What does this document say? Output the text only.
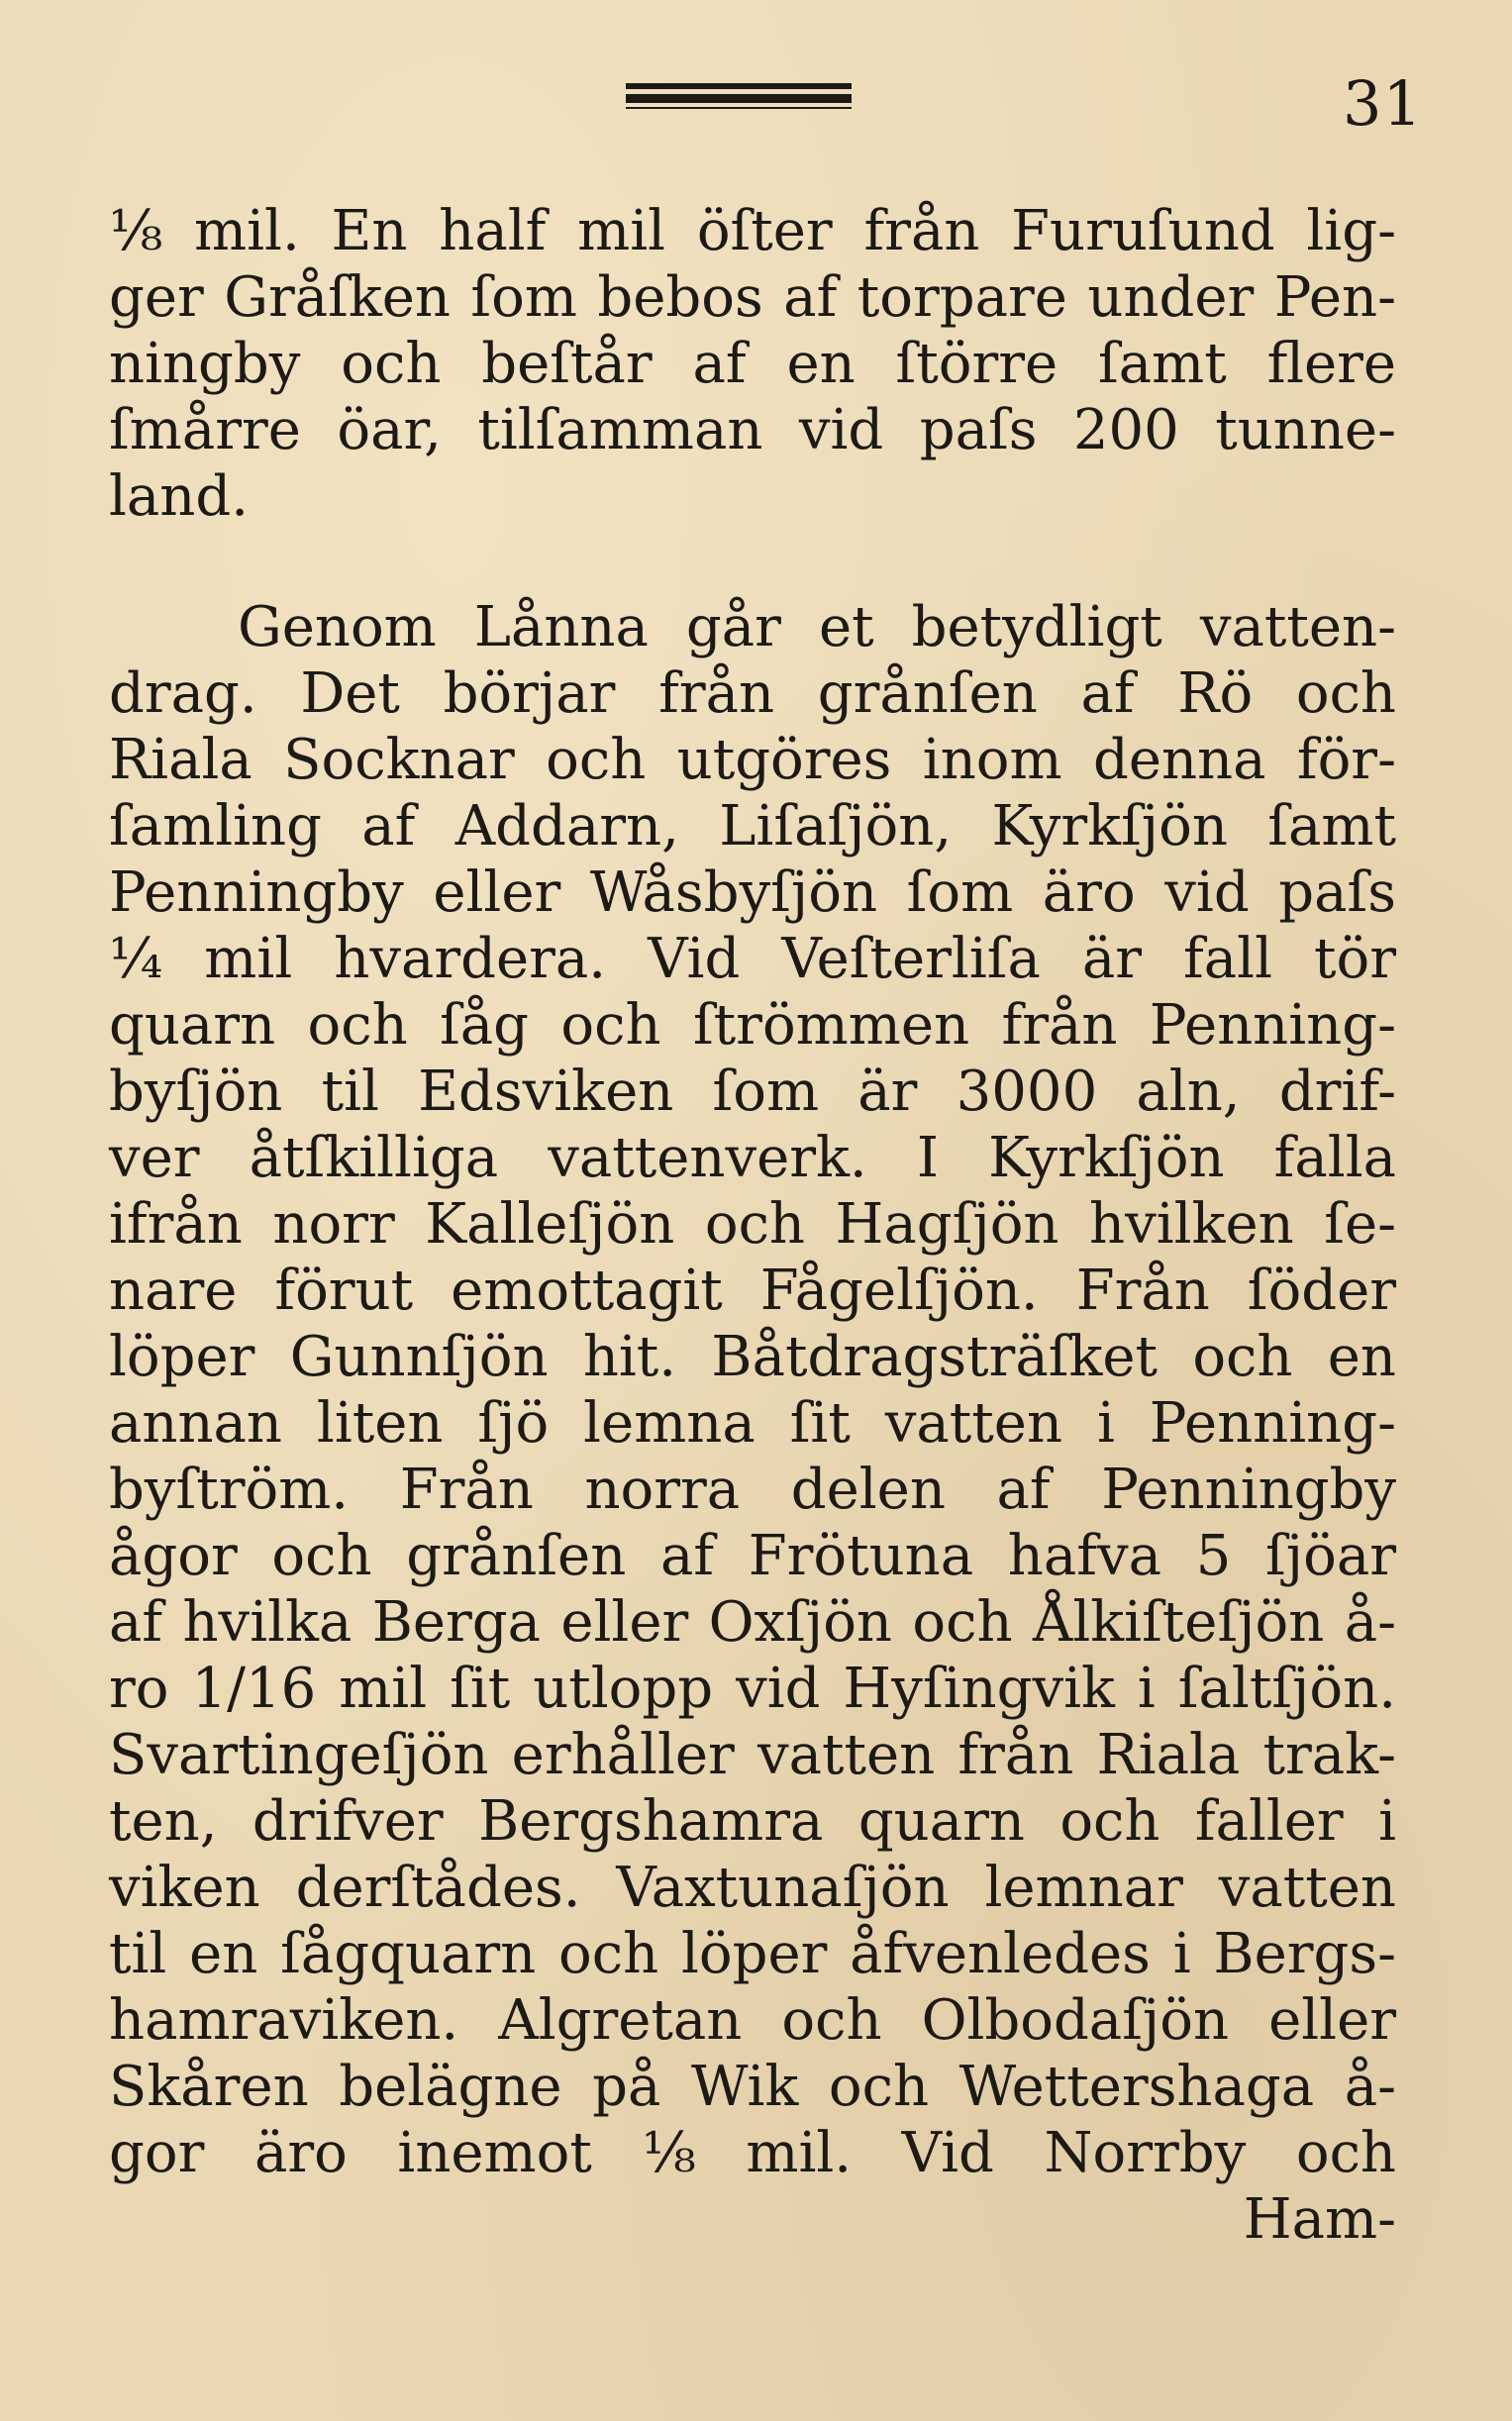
31
⅛ mil. En half mil öſter från Furuſund lig-
ger Gråſken ſom bebos af torpare under Pen-
ningby och beſtår af en ſtörre ſamt flere
ſmårre öar, tilſamman vid paſs 200 tunne-
land.
Genom Lånna går et betydligt vatten-
drag. Det börjar från grånſen af Rö och
Riala Socknar och utgöres inom denna för-
ſamling af Addarn, Liſaſjön, Kyrkſjön ſamt
Penningby eller Wåsbyſjön ſom äro vid paſs
¼ mil hvardera. Vid Veſterliſa är fall tör
quarn och ſåg och ſtrömmen från Penning-
byſjön til Edsviken ſom är 3000 aln, drif-
ver åtſkilliga vattenverk. I Kyrkſjön falla
ifrån norr Kalleſjön och Hagſjön hvilken ſe-
nare förut emottagit Fågelſjön. Från ſöder
löper Gunnſjön hit. Båtdragsträſket och en
annan liten ſjö lemna ſit vatten i Penning-
byſtröm. Från norra delen af Penningby
ågor och grånſen af Frötuna hafva 5 ſjöar
af hvilka Berga eller Oxſjön och Ålkiſteſjön å-
ro 1/16 mil ſit utlopp vid Hyſingvik i ſaltſjön.
Svartingeſjön erhåller vatten från Riala trak-
ten, drifver Bergshamra quarn och faller i
viken derſtådes. Vaxtunaſjön lemnar vatten
til en ſågquarn och löper åfvenledes i Bergs-
hamraviken. Algretan och Olbodaſjön eller
Skåren belägne på Wik och Wettershaga å-
gor äro inemot ⅛ mil. Vid Norrby och
Ham-
